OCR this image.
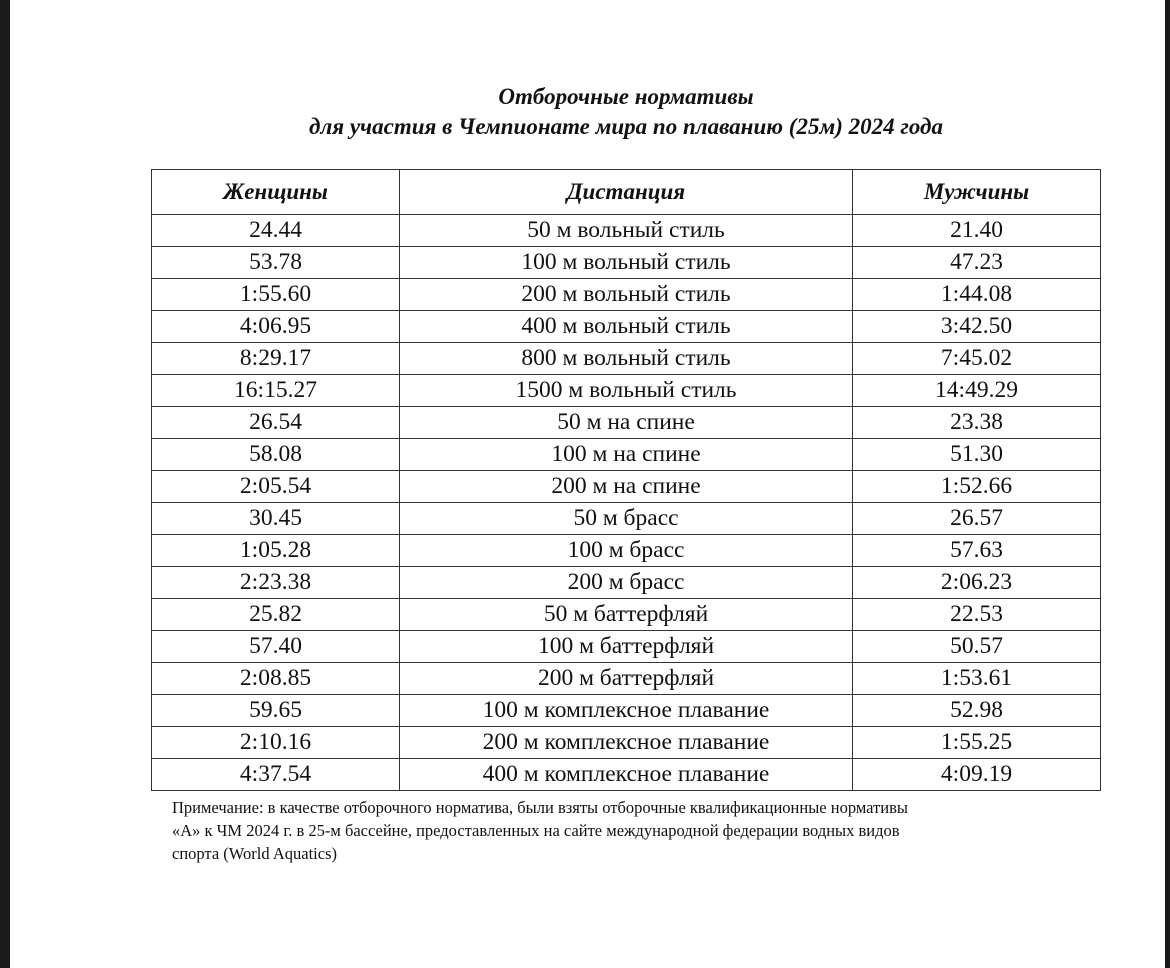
Отборочные нормативы
для участия в Чемпионате мира по плаванию (25м) 2024 года
Женщины	Дистанция	Мужчины
24.44	50 м вольный стиль	21.40
53.78	100 м вольный стиль	47.23
1:55.60	200 м вольный стиль	1:44.08
4:06.95	400 м вольный стиль	3:42.50
8:29.17	800 м вольный стиль	7:45.02
16:15.27	1500 м вольный стиль	14:49.29
26.54	50 м на спине	23.38
58.08	100 м на спине	51.30
2:05.54	200 м на спине	1:52.66
30.45	50 м брасс	26.57
1:05.28	100 м брасс	57.63
2:23.38	200 м брасс	2:06.23
25.82	50 м баттерфляй	22.53
57.40	100 м баттерфляй	50.57
2:08.85	200 м баттерфляй	1:53.61
59.65	100 м комплексное плавание	52.98
2:10.16	200 м комплексное плавание	1:55.25
4:37.54	400 м комплексное плавание	4:09.19
Примечание: в качестве отборочного норматива, были взяты отборочные квалификационные нормативы
«А» к ЧМ 2024 г. в 25-м бассейне, предоставленных на сайте международной федерации водных видов
спорта (World Aquatics)
